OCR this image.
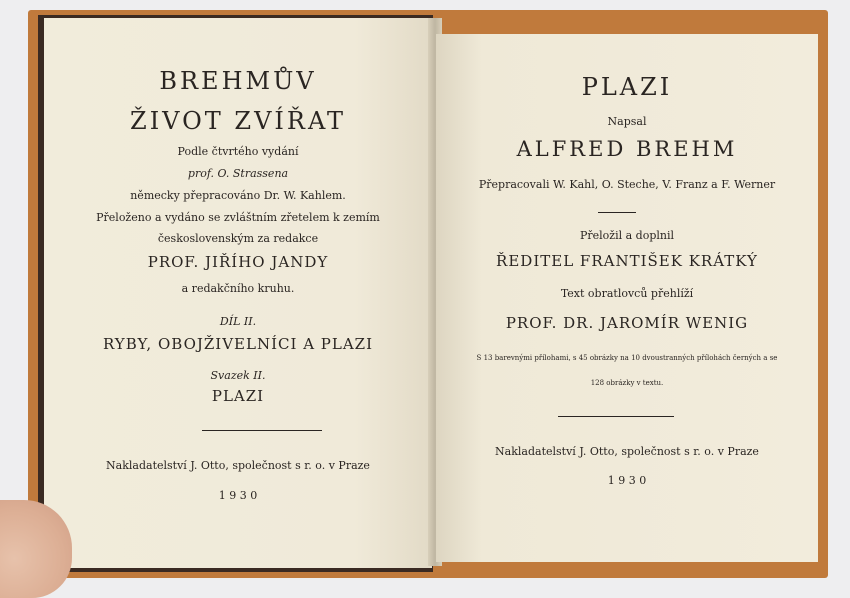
BREHMŮV
ŽIVOT ZVÍŘAT
Podle čtvrtého vydání
prof. O. Strassena
německy přepracováno Dr. W. Kahlem.
Přeloženo a vydáno se zvláštním zřetelem k zemím
československým za redakce
PROF. JIŘÍHO JANDY
a redakčního kruhu.
DÍL II.
RYBY, OBOJŽIVELNÍCI A PLAZI
Svazek II.
PLAZI
Nakladatelství J. Otto, společnost s r. o. v Praze
1 9 3 0
PLAZI
Napsal
ALFRED BREHM
Přepracovali W. Kahl, O. Steche, V. Franz a F. Werner
Přeložil a doplnil
ŘEDITEL FRANTIŠEK KRÁTKÝ
Text obratlovců přehlíží
PROF. DR. JAROMÍR WENIG
S 13 barevnými přílohami, s 45 obrázky na 10 dvoustranných přílohách černých a se
128 obrázky v textu.
Nakladatelství J. Otto, společnost s r. o. v Praze
1 9 3 0
